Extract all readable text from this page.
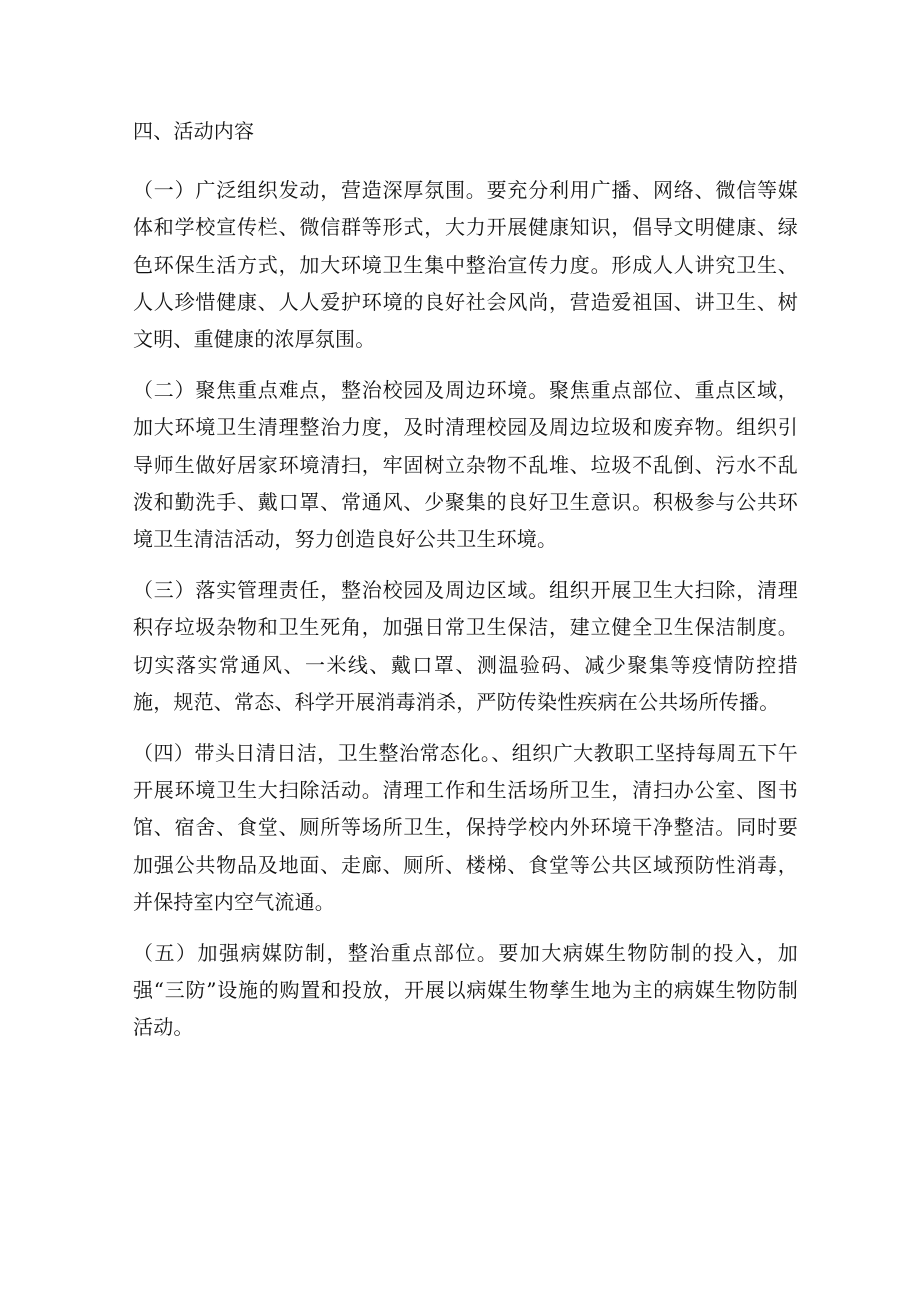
四、活动内容

（一）广泛组织发动，营造深厚氛围。要充分利用广播、网络、微信等媒体和学校宣传栏、微信群等形式，大力开展健康知识，倡导文明健康、绿色环保生活方式，加大环境卫生集中整治宣传力度。形成人人讲究卫生、人人珍惜健康、人人爱护环境的良好社会风尚，营造爱祖国、讲卫生、树文明、重健康的浓厚氛围。

（二）聚焦重点难点，整治校园及周边环境。聚焦重点部位、重点区域，加大环境卫生清理整治力度，及时清理校园及周边垃圾和废弃物。组织引导师生做好居家环境清扫，牢固树立杂物不乱堆、垃圾不乱倒、污水不乱泼和勤洗手、戴口罩、常通风、少聚集的良好卫生意识。积极参与公共环境卫生清洁活动，努力创造良好公共卫生环境。

（三）落实管理责任，整治校园及周边区域。组织开展卫生大扫除，清理积存垃圾杂物和卫生死角，加强日常卫生保洁，建立健全卫生保洁制度。切实落实常通风、一米线、戴口罩、测温验码、减少聚集等疫情防控措施，规范、常态、科学开展消毒消杀，严防传染性疾病在公共场所传播。

（四）带头日清日洁，卫生整治常态化。、组织广大教职工坚持每周五下午开展环境卫生大扫除活动。清理工作和生活场所卫生，清扫办公室、图书馆、宿舍、食堂、厕所等场所卫生，保持学校内外环境干净整洁。同时要加强公共物品及地面、走廊、厕所、楼梯、食堂等公共区域预防性消毒，并保持室内空气流通。

（五）加强病媒防制，整治重点部位。要加大病媒生物防制的投入，加强“三防”设施的购置和投放，开展以病媒生物孳生地为主的病媒生物防制活动。
